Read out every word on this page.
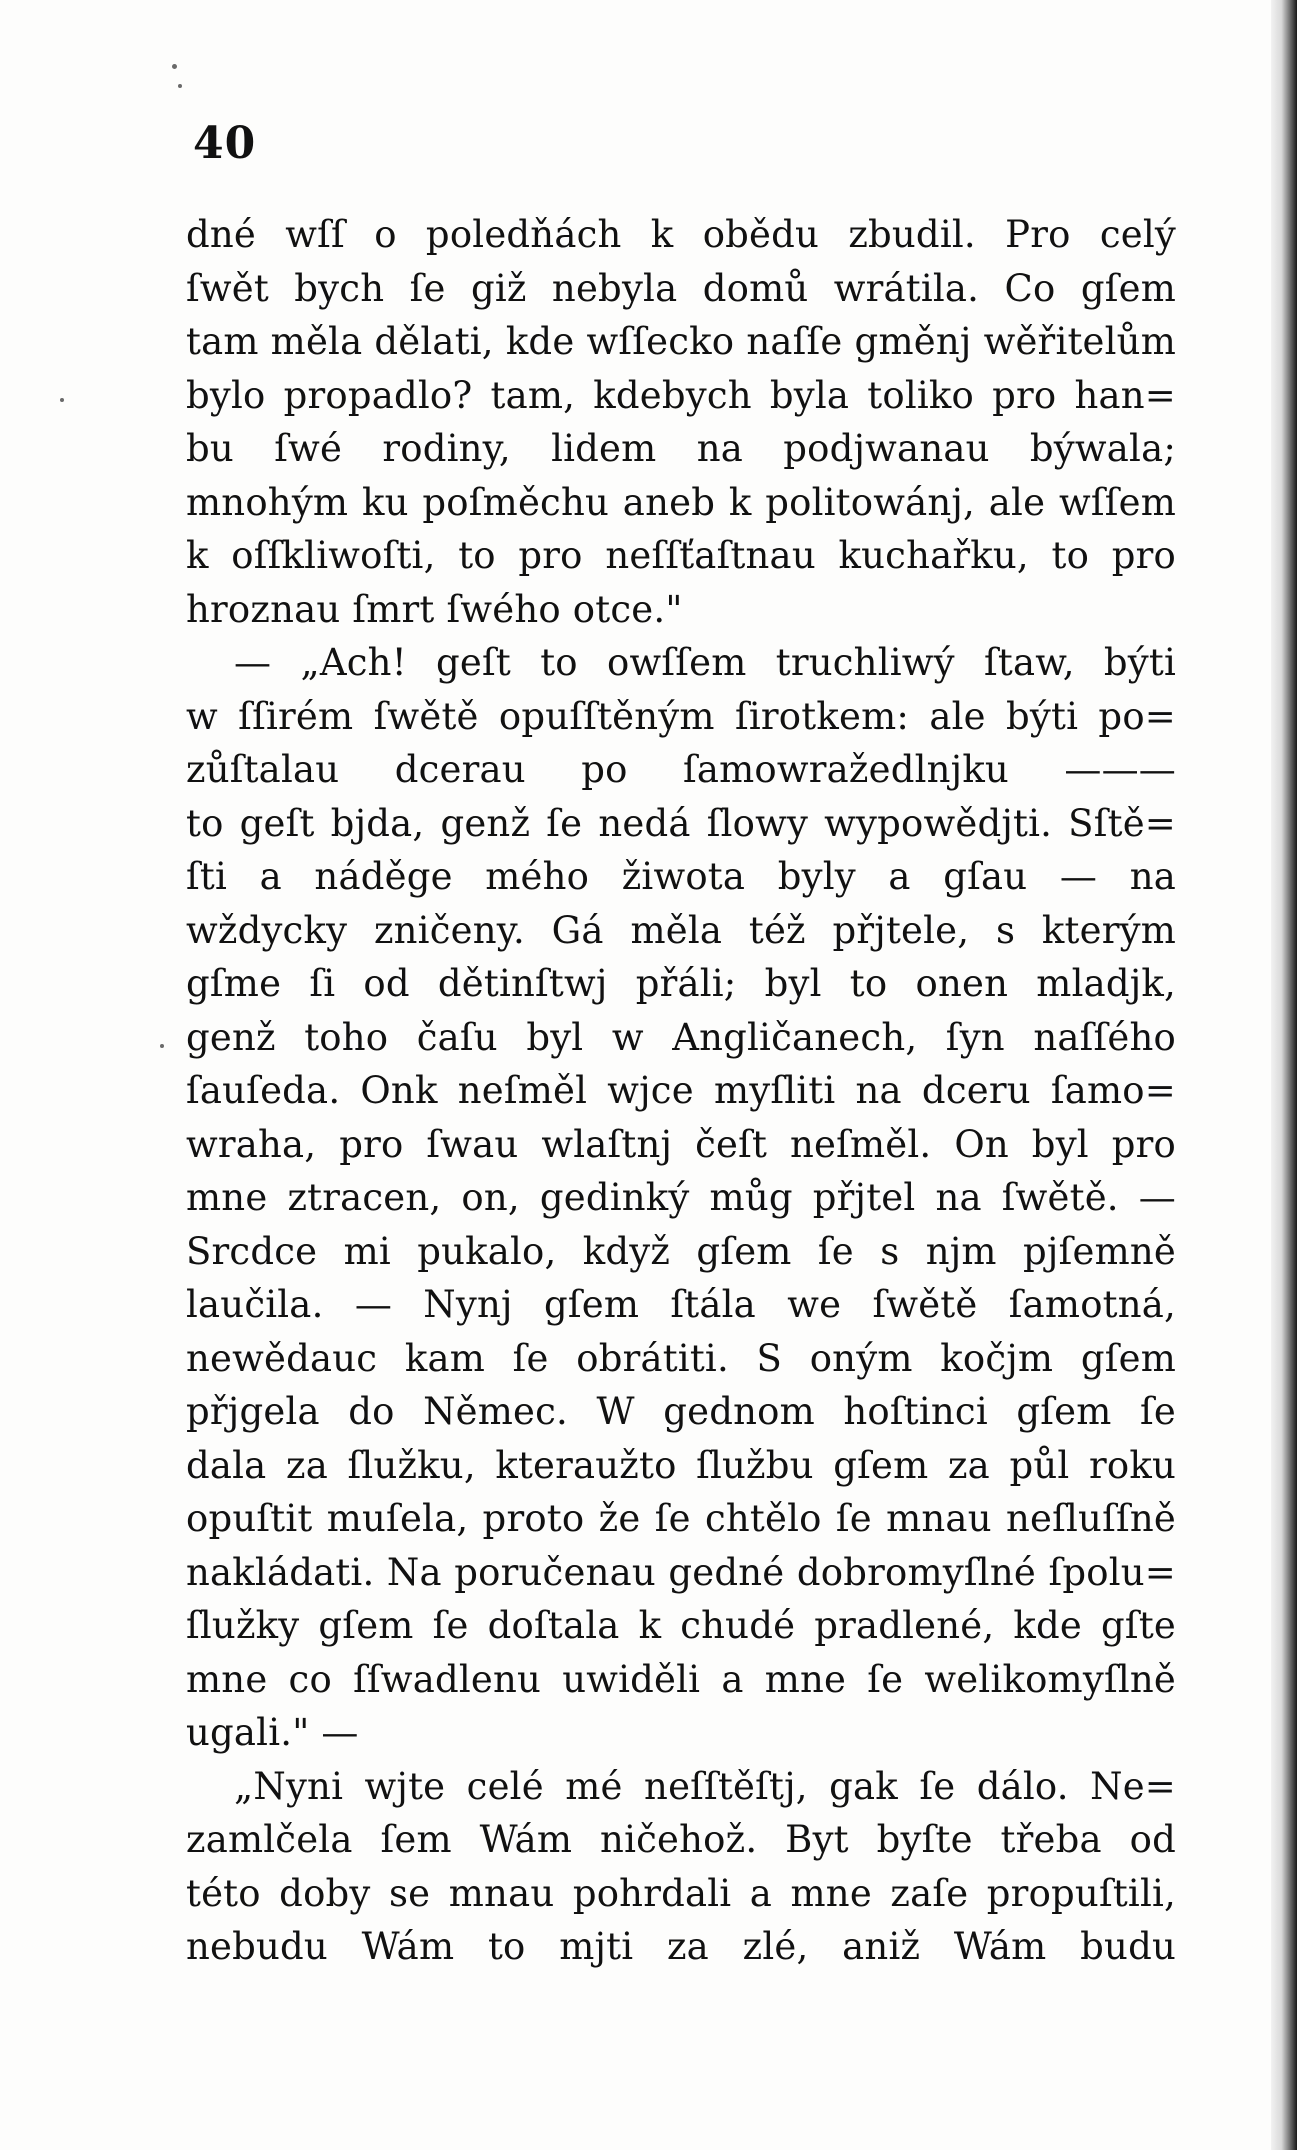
40
dné wſſ o poledňách k obědu zbudil. Pro celý
ſwět bych ſe giž nebyla domů wrátila. Co gſem
tam měla dělati, kde wſſecko naſſe gměnj wěřitelům
bylo propadlo? tam, kdebych byla toliko pro han=
bu ſwé rodiny, lidem na podjwanau býwala;
mnohým ku poſměchu aneb k politowánj, ale wſſem
k oſſkliwoſti, to pro neſſťaſtnau kuchařku, to pro
hroznau ſmrt ſwého otce."
— „Ach! geſt to owſſem truchliwý ſtaw, býti
w ſſirém ſwětě opuſſtěným ſirotkem: ale býti po=
zůſtalau dcerau po ſamowražedlnjku ———
to geſt bjda, genž ſe nedá ſlowy wypowědjti. Sſtě=
ſti a náděge mého žiwota byly a gſau — na
wždycky zničeny. Gá měla též přjtele, s kterým
gſme ſi od dětinſtwj přáli; byl to onen mladjk,
genž toho čaſu byl w Angličanech, ſyn naſſého
ſauſeda. Onk neſměl wjce myſliti na dceru ſamo=
wraha, pro ſwau wlaſtnj čeſt neſměl. On byl pro
mne ztracen, on, gedinký můg přjtel na ſwětě. —
Srcdce mi pukalo, když gſem ſe s njm pjſemně
laučila. — Nynj gſem ſtála we ſwětě ſamotná,
newědauc kam ſe obrátiti. S oným kočjm gſem
přjgela do Němec. W gednom hoſtinci gſem ſe
dala za ſlužku, kteraužto ſlužbu gſem za půl roku
opuſtit muſela, proto že ſe chtělo ſe mnau neſluſſně
nakládati. Na poručenau gedné dobromyſlné ſpolu=
ſlužky gſem ſe doſtala k chudé pradlené, kde gſte
mne co ſſwadlenu uwiděli a mne ſe welikomyſlně
ugali." —
„Nyni wjte celé mé neſſtěſtj, gak ſe dálo. Ne=
zamlčela ſem Wám ničehož. Byt byſte třeba od
této doby se mnau pohrdali a mne zaſe propuſtili,
nebudu Wám to mjti za zlé, aniž Wám budu
